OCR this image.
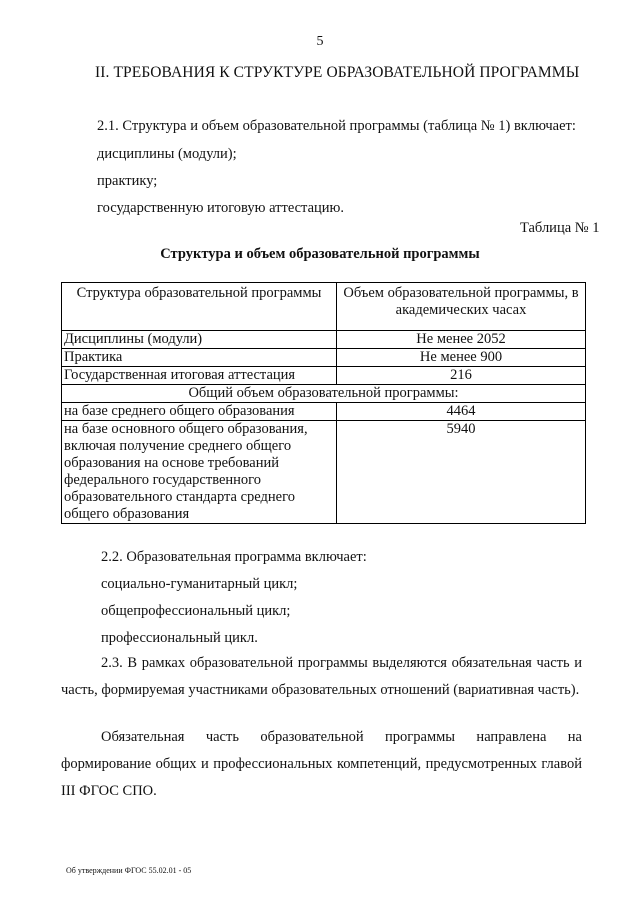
5
II. ТРЕБОВАНИЯ К СТРУКТУРЕ ОБРАЗОВАТЕЛЬНОЙ ПРОГРАММЫ
2.1. Структура и объем образовательной программы (таблица № 1) включает:
дисциплины (модули);
практику;
государственную итоговую аттестацию.
Таблица № 1
Структура и объем образовательной программы
Структура образовательной программы	Объем образовательной программы, в академических часах
Дисциплины (модули)	Не менее 2052
Практика	Не менее 900
Государственная итоговая аттестация	216
Общий объем образовательной программы:	
на базе среднего общего образования	4464
на базе основного общего образования, включая получение среднего общего образования на основе требований федерального государственного образовательного стандарта среднего общего образования	5940
2.2. Образовательная программа включает:
социально-гуманитарный цикл;
общепрофессиональный цикл;
профессиональный цикл.
2.3. В рамках образовательной программы выделяются обязательная часть и часть, формируемая участниками образовательных отношений (вариативная часть).
Обязательная часть образовательной программы направлена на формирование общих и профессиональных компетенций, предусмотренных главой III ФГОС СПО.
Об утверждении ФГОС 55.02.01 - 05
